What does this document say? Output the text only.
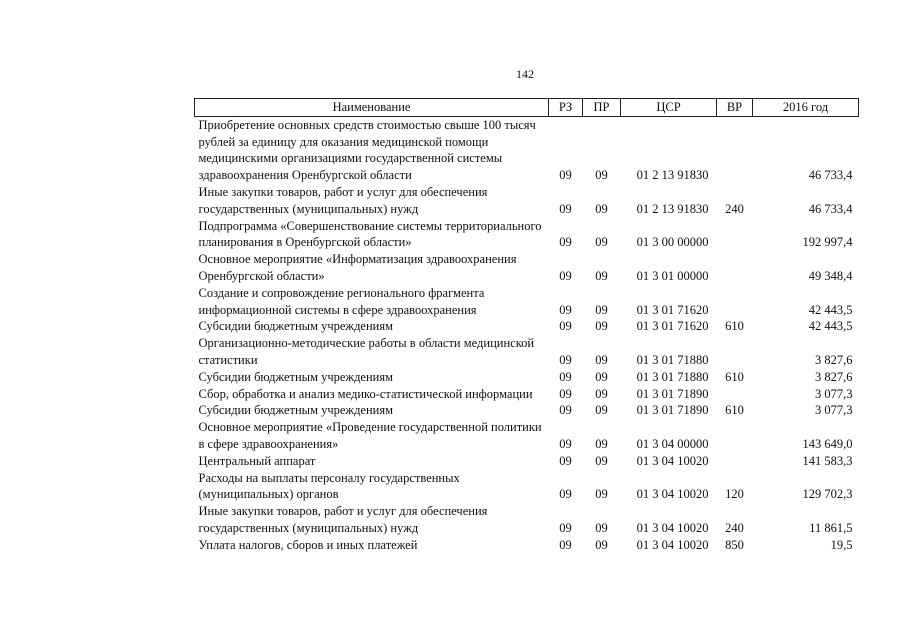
142
Наименование	РЗ	ПР	ЦСР	ВР	2016 год
Приобретение основных средств стоимостью свыше 100 тысяч рублей за единицу для оказания медицинской помощи медицинскими организациями государственной системы здравоохранения Оренбургской области	09	09	01 2 13 91830		46 733,4
Иные закупки товаров, работ и услуг для обеспечения государственных (муниципальных) нужд	09	09	01 2 13 91830	240	46 733,4
Подпрограмма «Совершенствование системы территориального планирования в Оренбургской области»	09	09	01 3 00 00000		192 997,4
Основное мероприятие «Информатизация здравоохранения Оренбургской области»	09	09	01 3 01 00000		49 348,4
Создание и сопровождение регионального фрагмента информационной системы в сфере здравоохранения	09	09	01 3 01 71620		42 443,5
Субсидии бюджетным учреждениям	09	09	01 3 01 71620	610	42 443,5
Организационно-методические работы в области медицинской статистики	09	09	01 3 01 71880		3 827,6
Субсидии бюджетным учреждениям	09	09	01 3 01 71880	610	3 827,6
Сбор, обработка и анализ медико-статистической информации	09	09	01 3 01 71890		3 077,3
Субсидии бюджетным учреждениям	09	09	01 3 01 71890	610	3 077,3
Основное мероприятие «Проведение государственной политики в сфере здравоохранения»	09	09	01 3 04 00000		143 649,0
Центральный аппарат	09	09	01 3 04 10020		141 583,3
Расходы на выплаты персоналу государственных (муниципальных) органов	09	09	01 3 04 10020	120	129 702,3
Иные закупки товаров, работ и услуг для обеспечения государственных (муниципальных) нужд	09	09	01 3 04 10020	240	11 861,5
Уплата налогов, сборов и иных платежей	09	09	01 3 04 10020	850	19,5
